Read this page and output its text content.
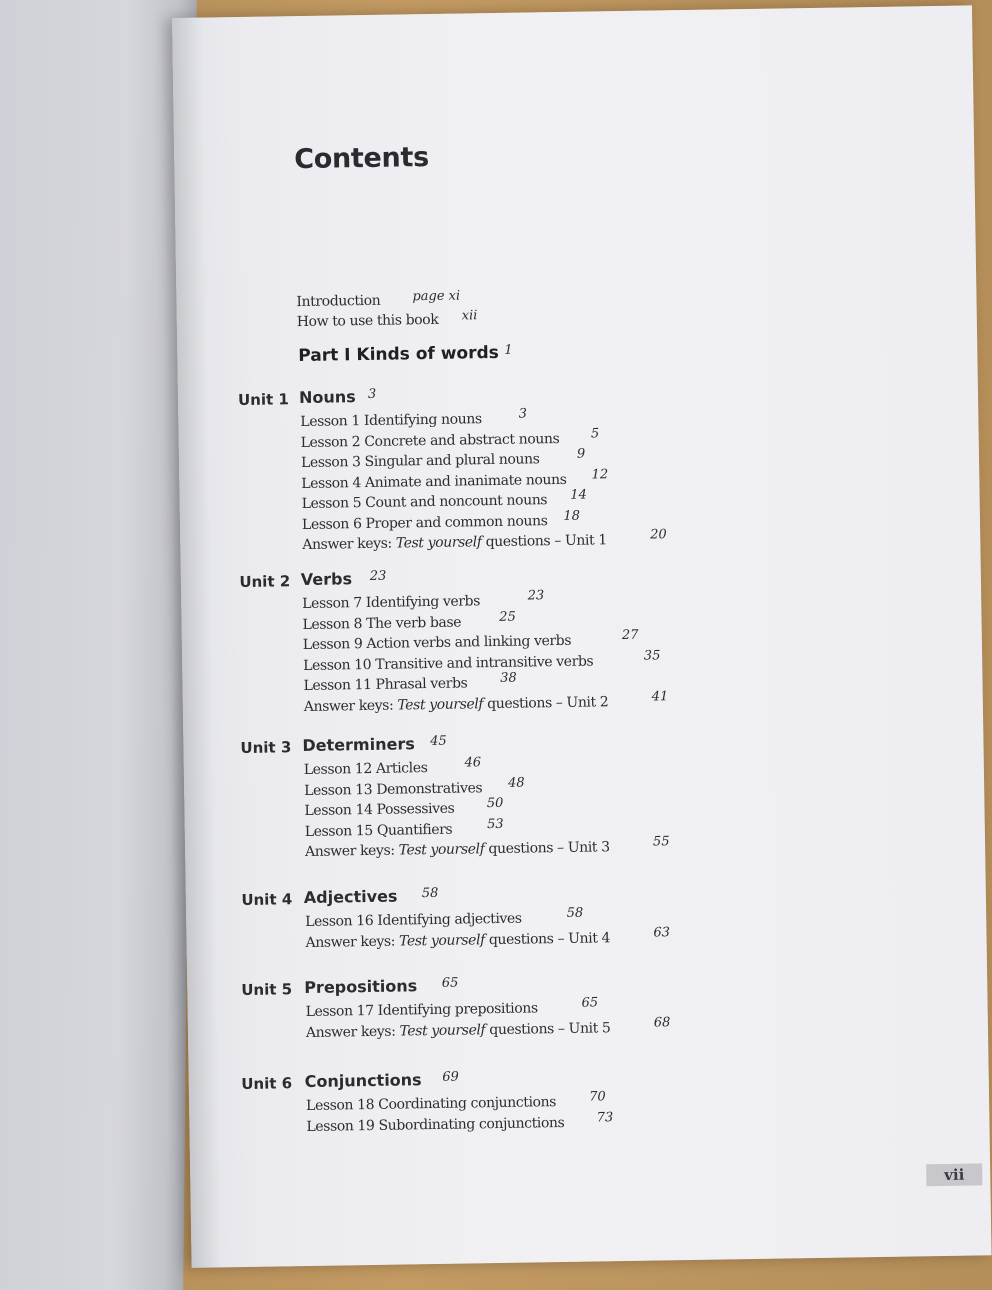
Contents
Introduction page xi
How to use this book xii
Part I Kinds of words 1
Unit 1 Nouns 3
Lesson 1 Identifying nouns	3
Lesson 2 Concrete and abstract nouns 5
Lesson 3 Singular and plural nouns	9
Lesson 4 Animate and inanimate nouns 12
Lesson 5 Count and noncount nouns 14
Lesson 6 Proper and common nouns 18
Answer keys: Test yourself questions – Unit 1	20
Unit 2 Verbs 23
Lesson 7 Identifying verbs	23
Lesson 8 The verb base	25
Lesson 9 Action verbs and linking verbs	27
Lesson 10 Transitive and intransitive verbs	35
Lesson 11 Phrasal verbs	38
Answer keys: Test yourself questions – Unit 2	41
Unit 3 Determiners 45
Lesson 12 Articles	46
Lesson 13 Demonstratives 48
Lesson 14 Possessives 50
Lesson 15 Quantifiers	53
Answer keys: Test yourself questions – Unit 3	55
Unit 4 Adjectives 58
Lesson 16 Identifying adjectives	58
Answer keys: Test yourself questions – Unit 4	63
Unit 5 Prepositions 65
Lesson 17 Identifying prepositions	65
Answer keys: Test yourself questions – Unit 5	68
Unit 6 Conjunctions 69
Lesson 18 Coordinating conjunctions	70
Lesson 19 Subordinating conjunctions 73
vii
